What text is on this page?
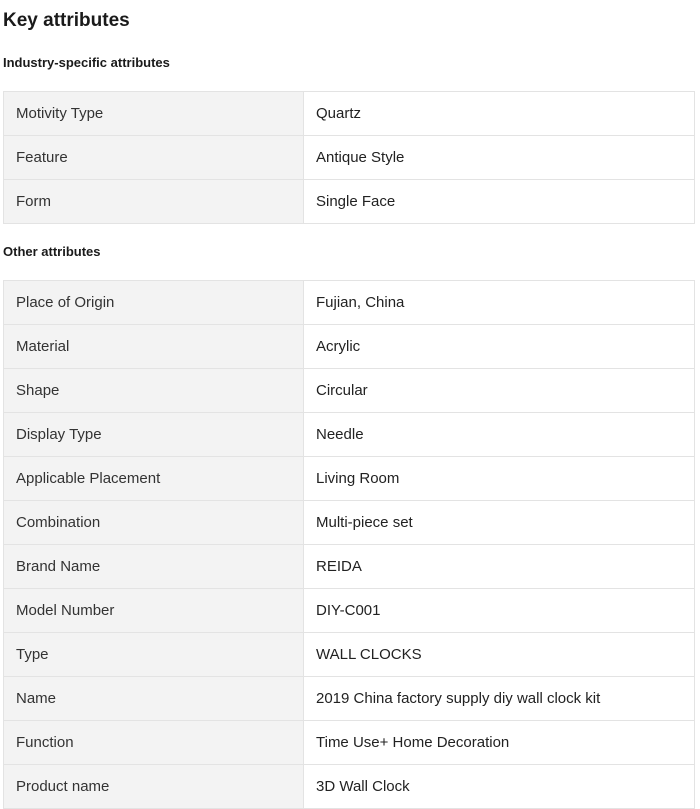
Key attributes
Industry-specific attributes
Motivity Type	Quartz
Feature	Antique Style
Form	Single Face
Other attributes
Place of Origin	Fujian, China
Material	Acrylic
Shape	Circular
Display Type	Needle
Applicable Placement	Living Room
Combination	Multi-piece set
Brand Name	REIDA
Model Number	DIY-C001
Type	WALL CLOCKS
Name	2019 China factory supply diy wall clock kit
Function	Time Use+ Home Decoration
Product name	3D Wall Clock
